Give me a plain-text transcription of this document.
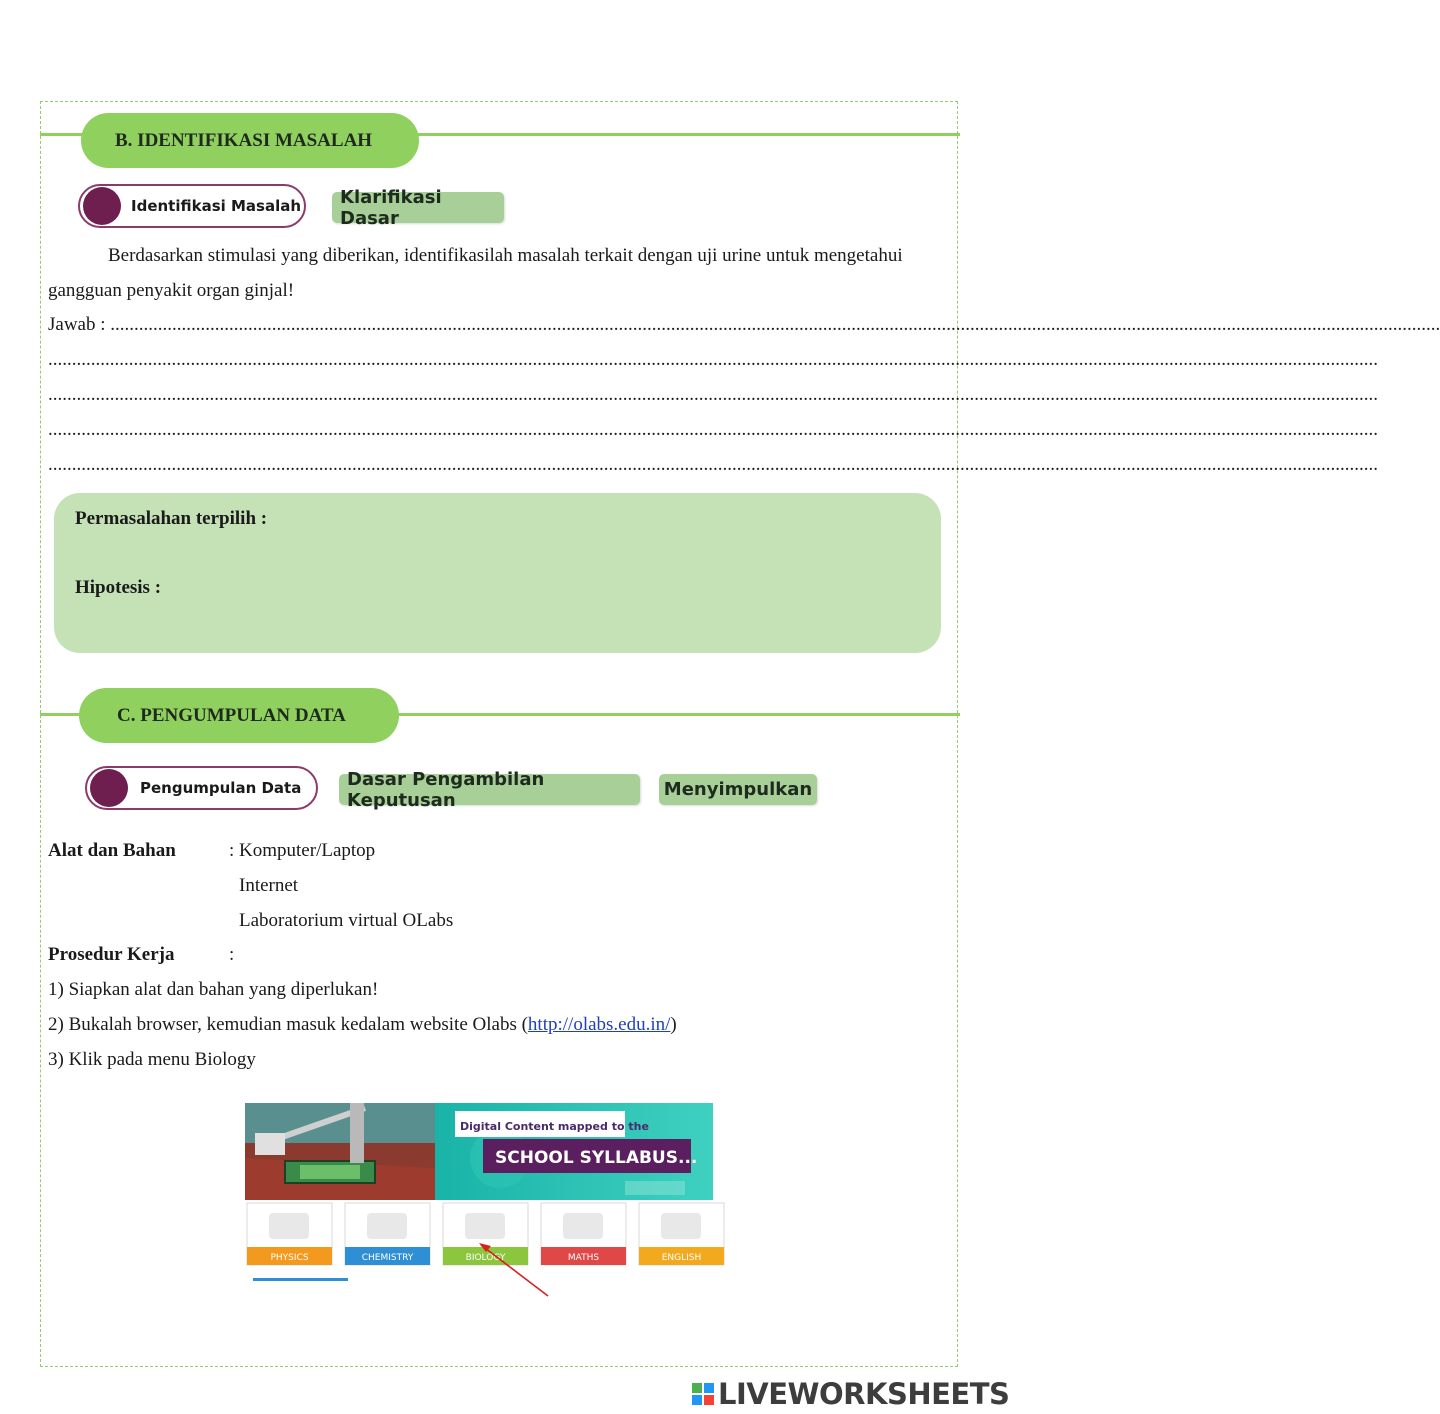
B. IDENTIFIKASI MASALAH
Identifikasi Masalah Klarifikasi Dasar
Berdasarkan stimulasi yang diberikan, identifikasilah masalah terkait dengan uji urine untuk mengetahui
gangguan penyakit organ ginjal!
Jawab : ........................................................................................................................................................................................................................................................................................
........................................................................................................................................................................................................................................................................................
........................................................................................................................................................................................................................................................................................
........................................................................................................................................................................................................................................................................................
........................................................................................................................................................................................................................................................................................
Permasalahan terpilih :
Hipotesis :
C. PENGUMPULAN DATA
Pengumpulan Data	Dasar Pengambilan Keputusan	Menyimpulkan
Alat dan Bahan	: Komputer/Laptop
Internet
Laboratorium virtual OLabs
Prosedur Kerja	:
1) Siapkan alat dan bahan yang diperlukan!
2) Bukalah browser, kemudian masuk kedalam website Olabs (http://olabs.edu.in/)
3) Klik pada menu Biology
Digital Content mapped to the
SCHOOL SYLLABUS...
PHYSICS	CHEMISTRY	BIOLOGY	MATHS	ENGLISH
LIVEWORKSHEETS
